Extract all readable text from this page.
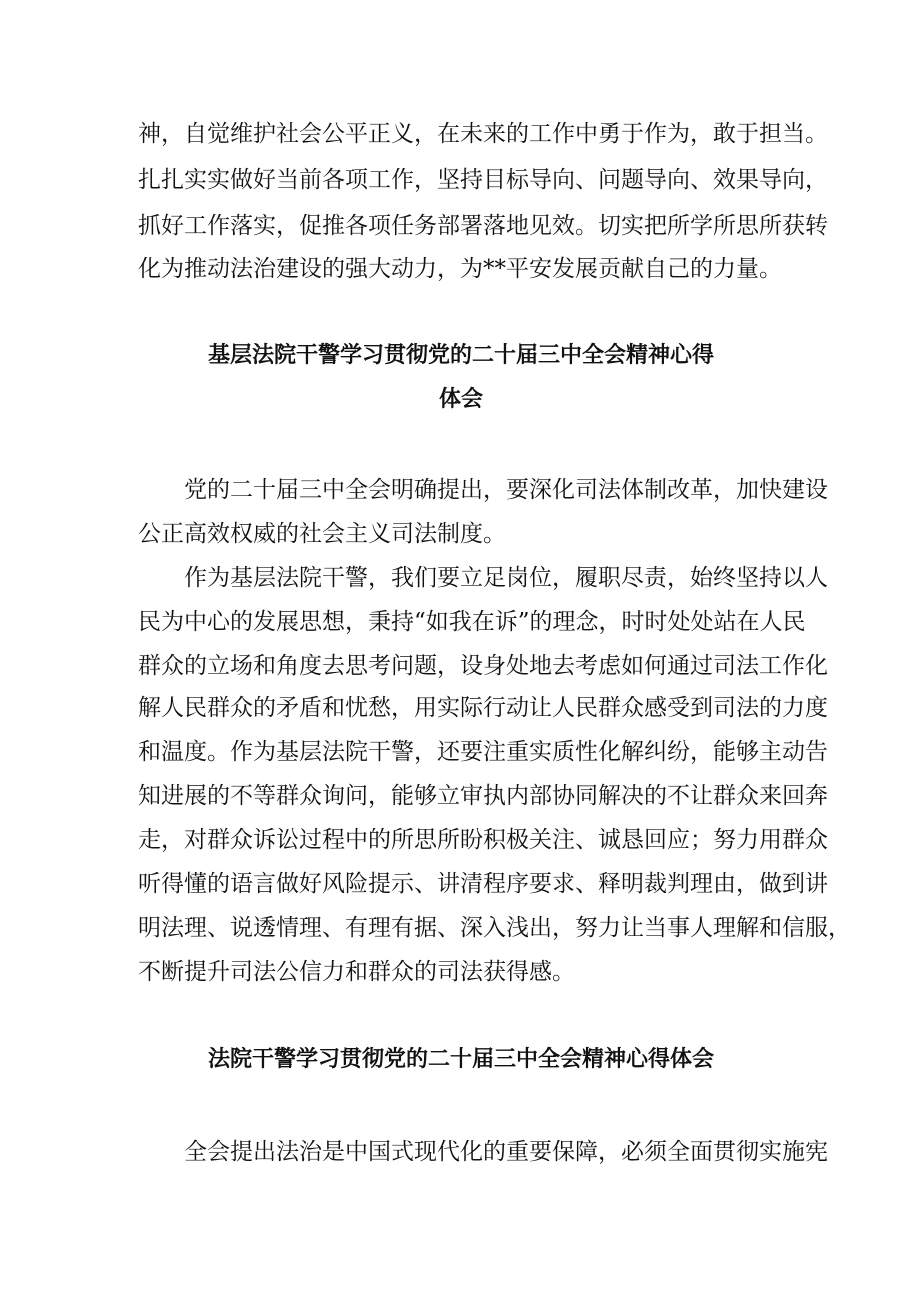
神，自觉维护社会公平正义，在未来的工作中勇于作为，敢于担当。
扎扎实实做好当前各项工作，坚持目标导向、问题导向、效果导向，
抓好工作落实，促推各项任务部署落地见效。切实把所学所思所获转
化为推动法治建设的强大动力，为**平安发展贡献自己的力量。
基层法院干警学习贯彻党的二十届三中全会精神心得
体会
党的二十届三中全会明确提出，要深化司法体制改革，加快建设
公正高效权威的社会主义司法制度。
作为基层法院干警，我们要立足岗位，履职尽责，始终坚持以人
民为中心的发展思想，秉持“如我在诉”的理念，时时处处站在人民
群众的立场和角度去思考问题，设身处地去考虑如何通过司法工作化
解人民群众的矛盾和忧愁，用实际行动让人民群众感受到司法的力度
和温度。作为基层法院干警，还要注重实质性化解纠纷，能够主动告
知进展的不等群众询问，能够立审执内部协同解决的不让群众来回奔
走，对群众诉讼过程中的所思所盼积极关注、诚恳回应；努力用群众
听得懂的语言做好风险提示、讲清程序要求、释明裁判理由，做到讲
明法理、说透情理、有理有据、深入浅出，努力让当事人理解和信服，
不断提升司法公信力和群众的司法获得感。
法院干警学习贯彻党的二十届三中全会精神心得体会
全会提出法治是中国式现代化的重要保障，必须全面贯彻实施宪
